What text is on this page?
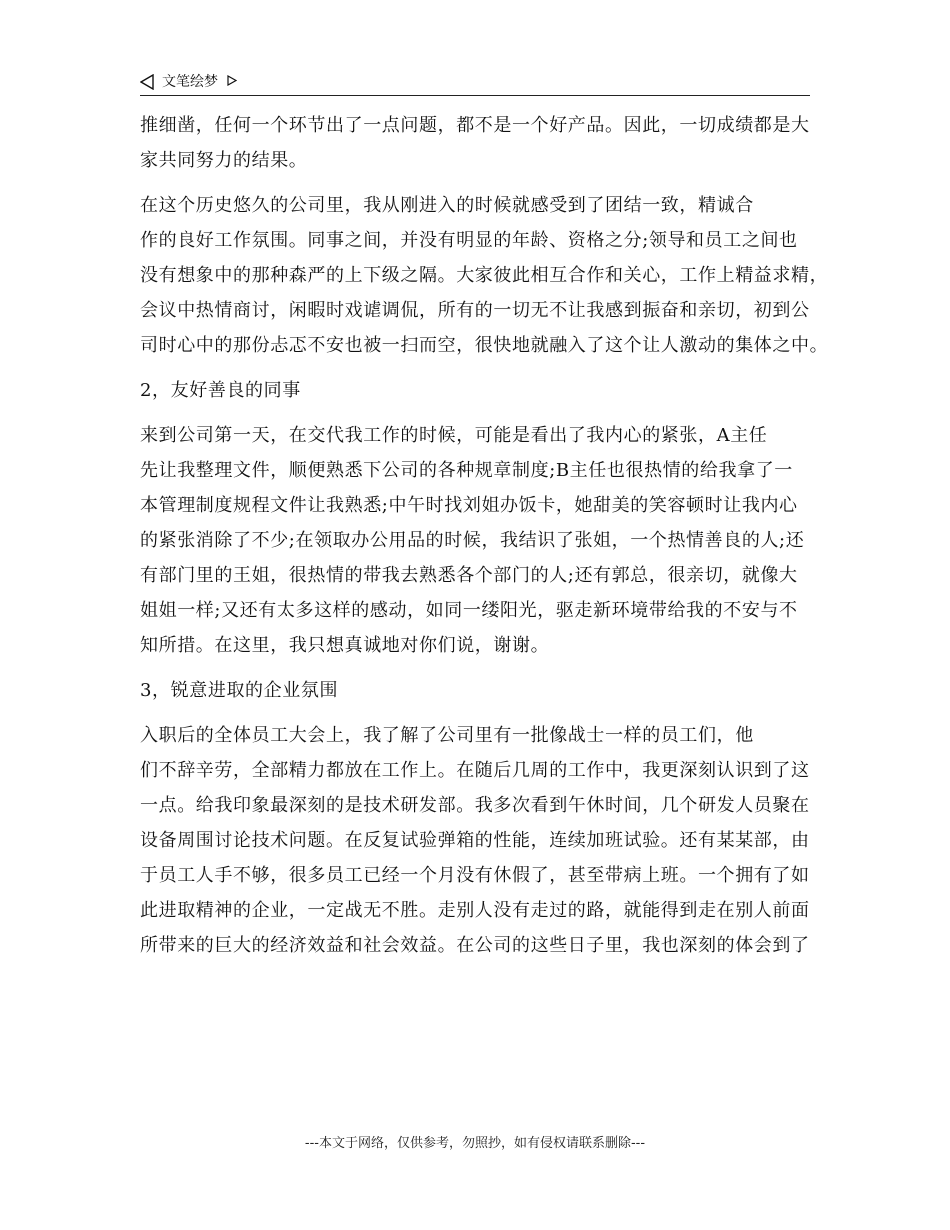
文笔绘梦
推细凿，任何一个环节出了一点问题，都不是一个好产品。因此，一切成绩都是大
家共同努力的结果。
在这个历史悠久的公司里，我从刚进入的时候就感受到了团结一致，精诚合
作的良好工作氛围。同事之间，并没有明显的年龄、资格之分;领导和员工之间也
没有想象中的那种森严的上下级之隔。大家彼此相互合作和关心，工作上精益求精，
会议中热情商讨，闲暇时戏谑调侃，所有的一切无不让我感到振奋和亲切，初到公
司时心中的那份忐忑不安也被一扫而空，很快地就融入了这个让人激动的集体之中。
2，友好善良的同事
来到公司第一天，在交代我工作的时候，可能是看出了我内心的紧张，A主任
先让我整理文件，顺便熟悉下公司的各种规章制度;B主任也很热情的给我拿了一
本管理制度规程文件让我熟悉;中午时找刘姐办饭卡，她甜美的笑容顿时让我内心
的紧张消除了不少;在领取办公用品的时候，我结识了张姐，一个热情善良的人;还
有部门里的王姐，很热情的带我去熟悉各个部门的人;还有郭总，很亲切，就像大
姐姐一样;又还有太多这样的感动，如同一缕阳光，驱走新环境带给我的不安与不
知所措。在这里，我只想真诚地对你们说，谢谢。
3，锐意进取的企业氛围
入职后的全体员工大会上，我了解了公司里有一批像战士一样的员工们，他
们不辞辛劳，全部精力都放在工作上。在随后几周的工作中，我更深刻认识到了这
一点。给我印象最深刻的是技术研发部。我多次看到午休时间，几个研发人员聚在
设备周围讨论技术问题。在反复试验弹箱的性能，连续加班试验。还有某某部，由
于员工人手不够，很多员工已经一个月没有休假了，甚至带病上班。一个拥有了如
此进取精神的企业，一定战无不胜。走别人没有走过的路，就能得到走在别人前面
所带来的巨大的经济效益和社会效益。在公司的这些日子里，我也深刻的体会到了
---本文于网络，仅供参考，勿照抄，如有侵权请联系删除---
